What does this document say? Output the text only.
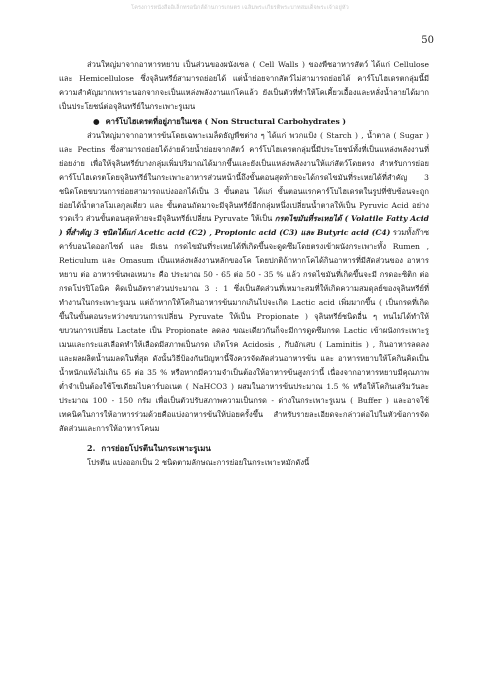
โครงการหนังสืออิเล็กทรอนิกส์ด้านการเกษตร เฉลิมพระเกียรติพระบาทสมเด็จพระเจ้าอยู่หัว
50

ส่วนใหญ่มาจากอาหารหยาบ เป็นส่วนของผนังเซล ( Cell Walls ) ของพืชอาหารสัตว์ ได้แก่ Cellulose และ Hemicellulose ซึ่งจุลินทรีย์สามารถย่อยได้ แต่น้ำย่อยจากสัตว์ไม่สามารถย่อยได้ คาร์โบไฮเดรตกลุ่มนี้มีความสำคัญมากเพราะนอกจากจะเป็นแหล่งพลังงานแก่โคแล้ว ยังเป็นตัวที่ทำให้โคเคี้ยวเอื้องและหลั่งน้ำลายได้มากเป็นประโยชน์ต่อจุลินทรีย์ในกระเพาะรูเมน

● คาร์โบไฮเดรตที่อยู่ภายในเซล ( Non Structural Carbohydrates )

ส่วนใหญ่มาจากอาหารข้นโดยเฉพาะเมล็ดธัญพืชต่าง ๆ ได้แก่ พวกแป้ง ( Starch ) , น้ำตาล ( Sugar ) และ Pectins ซึ่งสามารถย่อยได้ง่ายด้วยน้ำย่อยจากสัตว์ คาร์โบไฮเดรตกลุ่มนี้มีประโยชน์ทั้งที่เป็นแหล่งพลังงานที่ย่อยง่าย เพื่อให้จุลินทรีย์บางกลุ่มเพิ่มปริมาณได้มากขึ้นและยังเป็นแหล่งพลังงานให้แก่สัตว์โดยตรง สำหรับการย่อยคาร์โบไฮเดรตโดยจุลินทรีย์ในกระเพาะอาหารส่วนหน้านี้ถึงขั้นตอนสุดท้ายจะได้กรดไขมันที่ระเหยได้ที่สำคัญ 3 ชนิดโดยขบวนการย่อยสามารถแบ่งออกได้เป็น 3 ขั้นตอน ได้แก่ ขั้นตอนแรกคาร์โบไฮเดรตในรูปที่ซับซ้อนจะถูกย่อยได้น้ำตาลโมเลกุลเดี่ยว และ ขั้นตอนถัดมาจะมีจุลินทรีย์อีกกลุ่มหนึ่งเปลี่ยนน้ำตาลให้เป็น Pyruvic Acid อย่างรวดเร็ว ส่วนขั้นตอนสุดท้ายจะมีจุลินทรีย์เปลี่ยน Pyruvate ให้เป็น กรดไขมันที่ระเหยได้ ( Volatile Fatty Acid ) ที่สำคัญ 3 ชนิดได้แก่ Acetic acid (C2) , Propionic acid (C3) และ Butyric acid (C4) รวมทั้งก๊าซคาร์บอนไดออกไซด์ และ มีเธน กรดไขมันที่ระเหยได้ที่เกิดขึ้นจะดูดซึมโดยตรงเข้าผนังกระเพาะทั้ง Rumen , Reticulum และ Omasum เป็นแหล่งพลังงานหลักของโค โดยปกติถ้าหากโคได้กินอาหารที่มีสัดส่วนของ อาหารหยาบ ต่อ อาหารข้นพอเหมาะ คือ ประมาณ 50 - 65 ต่อ 50 - 35 % แล้ว กรดไขมันที่เกิดขึ้นจะมี กรดอะซิติก ต่อ กรดโปรปิโอนิค คิดเป็นอัตราส่วนประมาณ 3 : 1 ซึ่งเป็นสัดส่วนที่เหมาะสมที่ให้เกิดความสมดุลย์ของจุลินทรีย์ที่ทำงานในกระเพาะรูเมน แต่ถ้าหากให้โคกินอาหารข้นมากเกินไปจะเกิด Lactic acid เพิ่มมากขึ้น ( เป็นกรดที่เกิดขึ้นในขั้นตอนระหว่างขบวนการเปลี่ยน Pyruvate ให้เป็น Propionate ) จุลินทรีย์ชนิดอื่น ๆ ทนไม่ได้ทำให้ขบวนการเปลี่ยน Lactate เป็น Propionate ลดลง ขณะเดียวกันก็จะมีการดูดซึมกรด Lactic เข้าผนังกระเพาะรูเมนและกระแสเลือดทำให้เลือดมีสภาพเป็นกรด เกิดโรค Acidosis , กีบอักเสบ ( Laminitis ) , กินอาหารลดลง และผลผลิตน้ำนมลดในที่สุด ดังนั้นวิธีป้องกันปัญหานี้จึงควรจัดสัดส่วนอาหารข้น และ อาหารหยาบให้โคกินคิดเป็นน้ำหนักแห้งไม่เกิน 65 ต่อ 35 % หรือหากมีความจำเป็นต้องให้อาหารข้นสูงกว่านี้ เนื่องจากอาหารหยาบมีคุณภาพต่ำจำเป็นต้องใช้โซเดียมไบคาร์บอเนต ( NaHCO3 ) ผสมในอาหารข้นประมาณ 1.5 % หรือให้โคกินเสริมวันละประมาณ 100 - 150 กรัม เพื่อเป็นตัวปรับสภาพความเป็นกรด - ด่างในกระเพาะรูเมน ( Buffer ) และอาจใช้เทคนิคในการให้อาหารร่วมด้วยคือแบ่งอาหารข้นให้บ่อยครั้งขึ้น สำหรับรายละเอียดจะกล่าวต่อไปในหัวข้อการจัดสัดส่วนและการให้อาหารโคนม

2. การย่อยโปรตีนในกระเพาะรูเมน

โปรตีน แบ่งออกเป็น 2 ชนิดตามลักษณะการย่อยในกระเพาะหมักดังนี้
